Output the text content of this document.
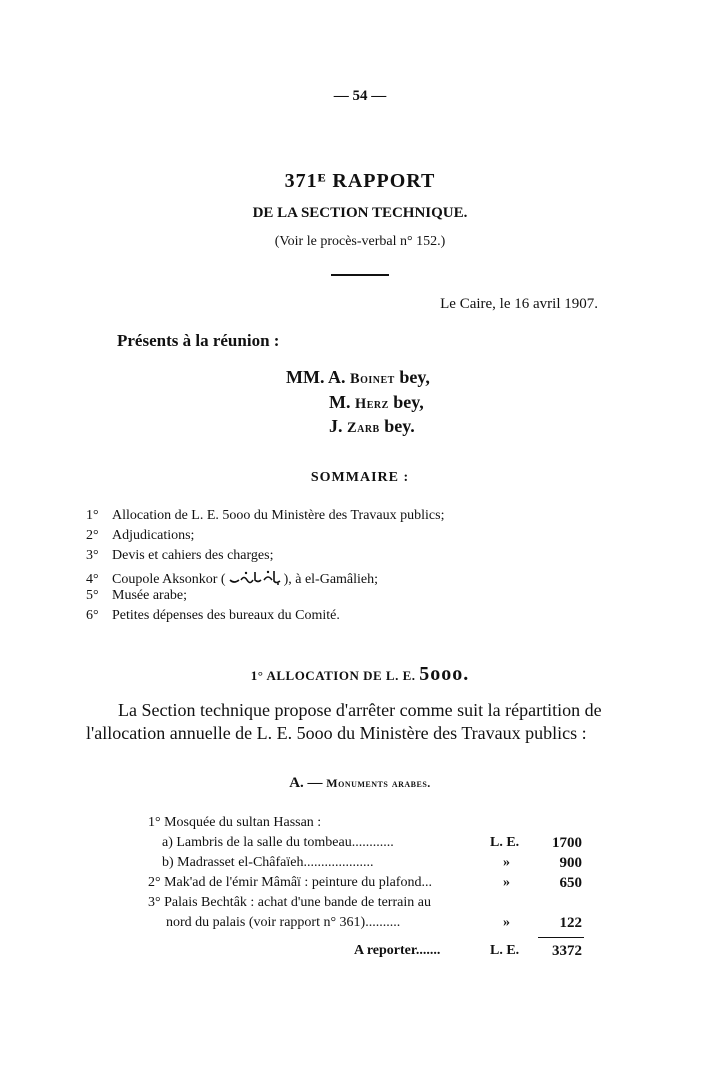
— 54 —
371ᴱ RAPPORT
DE LA SECTION TECHNIQUE.
(Voir le procès-verbal n° 152.)
Le Caire, le 16 avril 1907.
Présents à la réunion :
MM. A. Boinet bey,
M. Herz bey,
J. Zarb bey.
SOMMAIRE :
1° Allocation de L. E. 5ooo du Ministère des Travaux publics;
2° Adjudications;
3° Devis et cahiers des charges;
4° Coupole Aksonkor (	), à el-Gamâlieh;
5° Musée arabe;
6° Petites dépenses des bureaux du Comité.
1° ALLOCATION DE L. E. 5ooo.
La Section technique propose d'arrêter comme suit la répartition de
l'allocation annuelle de L. E. 5ooo du Ministère des Travaux publics :
A. — Monuments arabes.
1° Mosquée du sultan Hassan :
a) Lambris de la salle du tombeau............	L. E.	1700
b) Madrasset el-Châfaïeh....................	»	900
2° Mak'ad de l'émir Mâmâï : peinture du plafond...	»	650
3° Palais Bechtâk : achat d'une bande de terrain au
nord du palais (voir rapport n° 361)..........	»	122
A reporter.......	L. E.	3372
